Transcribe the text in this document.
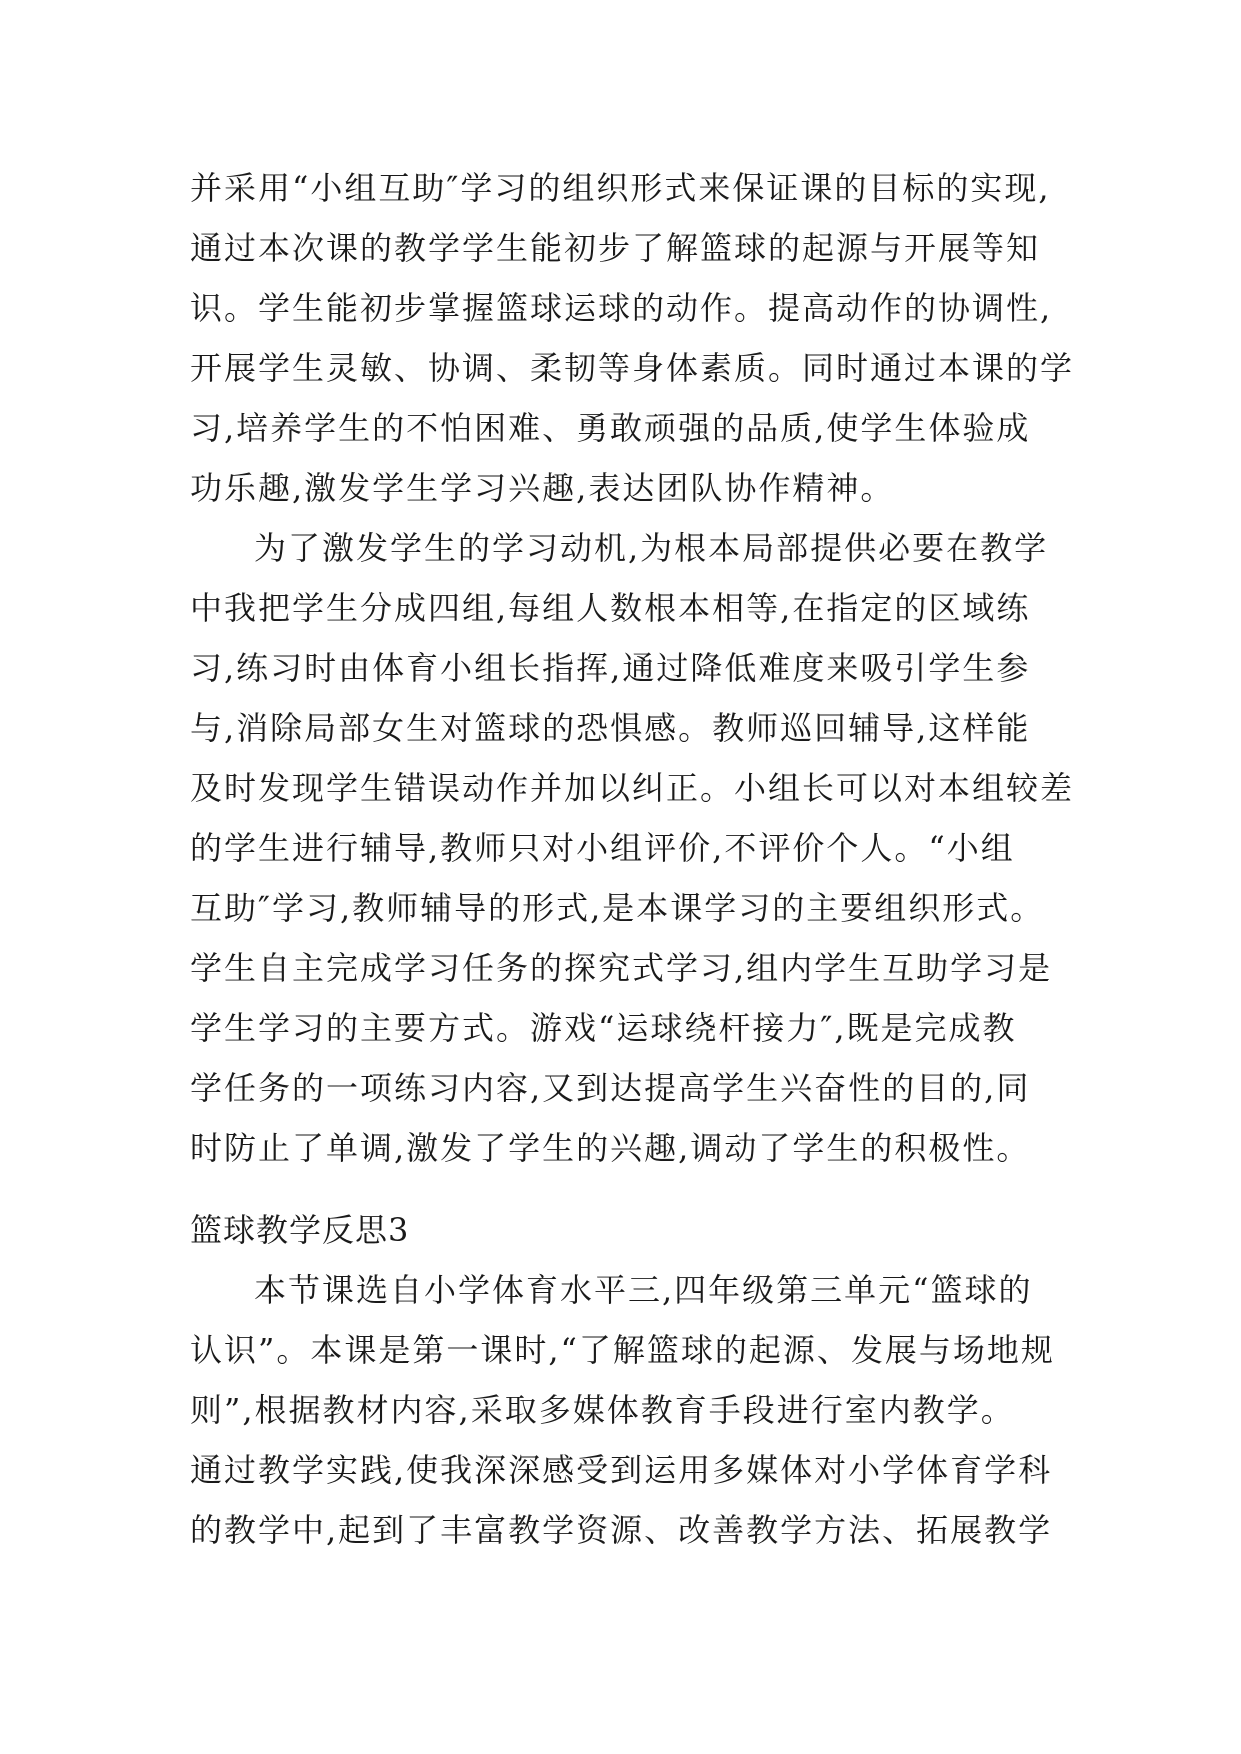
并采用“小组互助″学习的组织形式来保证课的目标的实现,
通过本次课的教学学生能初步了解篮球的起源与开展等知
识。学生能初步掌握篮球运球的动作。提高动作的协调性,
开展学生灵敏、协调、柔韧等身体素质。同时通过本课的学
习,培养学生的不怕困难、勇敢顽强的品质,使学生体验成
功乐趣,激发学生学习兴趣,表达团队协作精神。
为了激发学生的学习动机,为根本局部提供必要在教学
中我把学生分成四组,每组人数根本相等,在指定的区域练
习,练习时由体育小组长指挥,通过降低难度来吸引学生参
与,消除局部女生对篮球的恐惧感。教师巡回辅导,这样能
及时发现学生错误动作并加以纠正。小组长可以对本组较差
的学生进行辅导,教师只对小组评价,不评价个人。“小组
互助″学习,教师辅导的形式,是本课学习的主要组织形式。
学生自主完成学习任务的探究式学习,组内学生互助学习是
学生学习的主要方式。游戏“运球绕杆接力″,既是完成教
学任务的一项练习内容,又到达提高学生兴奋性的目的,同
时防止了单调,激发了学生的兴趣,调动了学生的积极性。
篮球教学反思3
本节课选自小学体育水平三,四年级第三单元“篮球的
认识”。本课是第一课时,“了解篮球的起源、发展与场地规
则”,根据教材内容,采取多媒体教育手段进行室内教学。
通过教学实践,使我深深感受到运用多媒体对小学体育学科
的教学中,起到了丰富教学资源、改善教学方法、拓展教学
